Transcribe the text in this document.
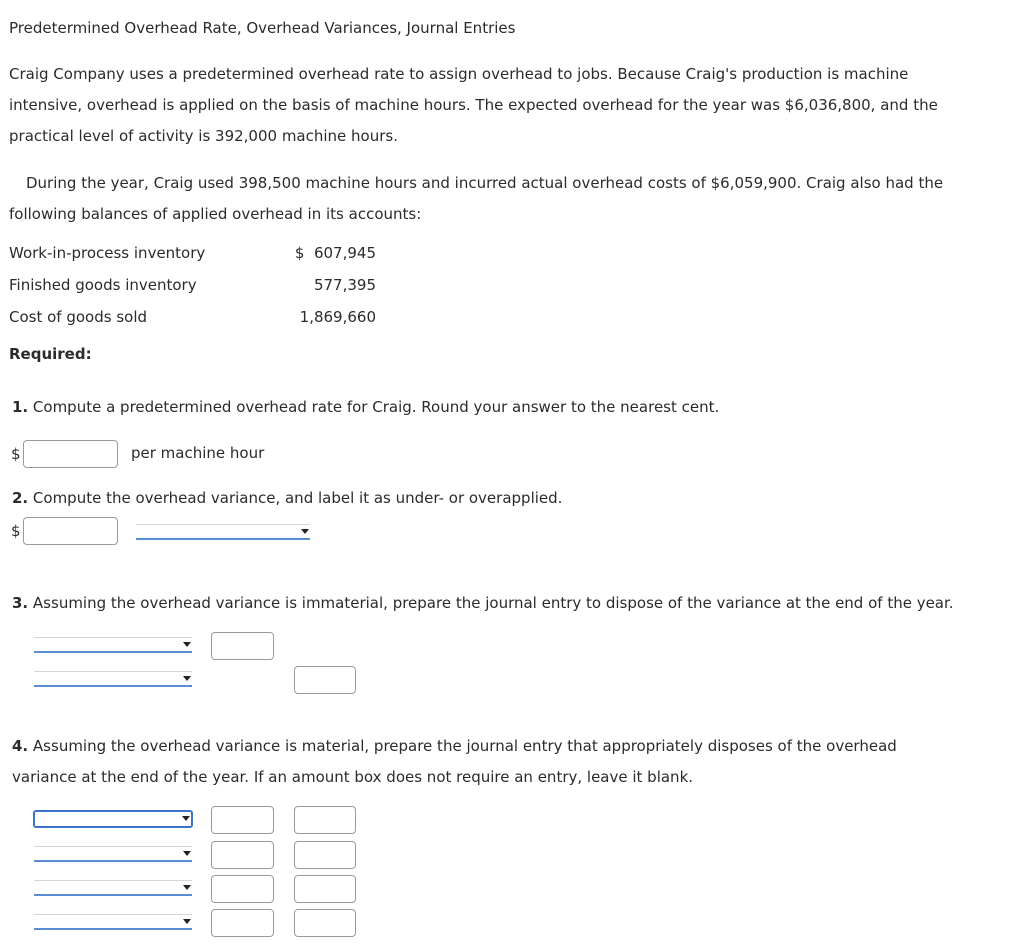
Predetermined Overhead Rate, Overhead Variances, Journal Entries
Craig Company uses a predetermined overhead rate to assign overhead to jobs. Because Craig's production is machine
intensive, overhead is applied on the basis of machine hours. The expected overhead for the year was $6,036,800, and the
practical level of activity is 392,000 machine hours.
During the year, Craig used 398,500 machine hours and incurred actual overhead costs of $6,059,900. Craig also had the
following balances of applied overhead in its accounts:
Work-in-process inventory	$  607,945
Finished goods inventory	577,395
Cost of goods sold	1,869,660
Required:
1. Compute a predetermined overhead rate for Craig. Round your answer to the nearest cent.
$	per machine hour
2. Compute the overhead variance, and label it as under- or overapplied.
$
3. Assuming the overhead variance is immaterial, prepare the journal entry to dispose of the variance at the end of the year.
4. Assuming the overhead variance is material, prepare the journal entry that appropriately disposes of the overhead
variance at the end of the year. If an amount box does not require an entry, leave it blank.
